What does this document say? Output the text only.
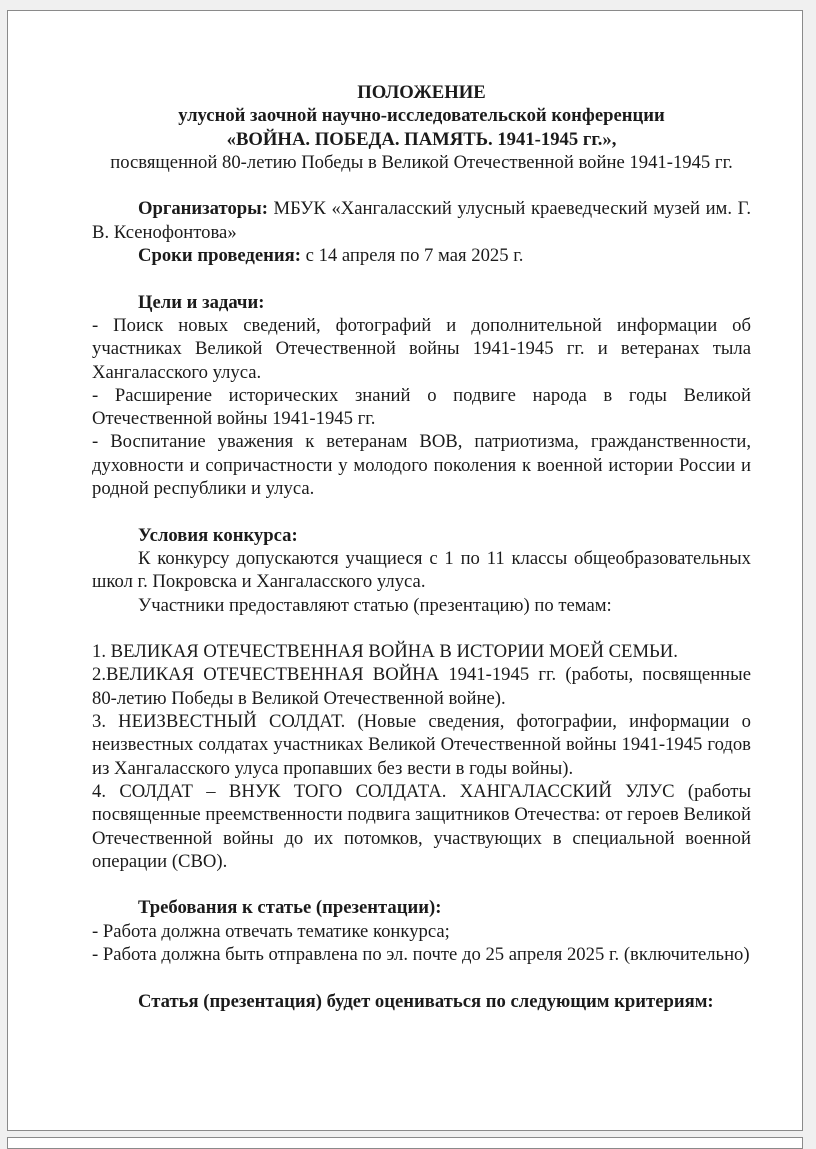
ПОЛОЖЕНИЕ

улусной заочной научно-исследовательской конференции

«ВОЙНА. ПОБЕДА. ПАМЯТЬ. 1941-1945 гг.»,

посвященной 80-летию Победы в Великой Отечественной войне 1941-1945 гг.

Организаторы: МБУК «Хангаласский улусный краеведческий музей им. Г. В. Ксенофонтова»

Сроки проведения: с 14 апреля по 7 мая 2025 г.

Цели и задачи:

- Поиск новых сведений, фотографий и дополнительной информации об участниках Великой Отечественной войны 1941-1945 гг. и ветеранах тыла Хангаласского улуса.

- Расширение исторических знаний о подвиге народа в годы Великой Отечественной войны 1941-1945 гг.

- Воспитание уважения к ветеранам ВОВ, патриотизма, гражданственности, духовности и сопричастности у молодого поколения к военной истории России и родной республики и улуса.

Условия конкурса:

К конкурсу допускаются учащиеся с 1 по 11 классы общеобразовательных школ г. Покровска и Хангаласского улуса.

Участники предоставляют статью (презентацию) по темам:

1. ВЕЛИКАЯ ОТЕЧЕСТВЕННАЯ ВОЙНА В ИСТОРИИ МОЕЙ СЕМЬИ.

2.ВЕЛИКАЯ ОТЕЧЕСТВЕННАЯ ВОЙНА 1941-1945 гг. (работы, посвященные 80-летию Победы в Великой Отечественной войне).

3. НЕИЗВЕСТНЫЙ СОЛДАТ. (Новые сведения, фотографии, информации о неизвестных солдатах участниках Великой Отечественной войны 1941-1945 годов из Хангаласского улуса пропавших без вести в годы войны).

4. СОЛДАТ – ВНУК ТОГО СОЛДАТА. ХАНГАЛАССКИЙ УЛУС (работы посвященные преемственности подвига защитников Отечества: от героев Великой Отечественной войны до их потомков, участвующих в специальной военной операции (СВО).

Требования к статье (презентации):

- Работа должна отвечать тематике конкурса;

- Работа должна быть отправлена по эл. почте до 25 апреля 2025 г. (включительно)

Статья (презентация) будет оцениваться по следующим критериям:
